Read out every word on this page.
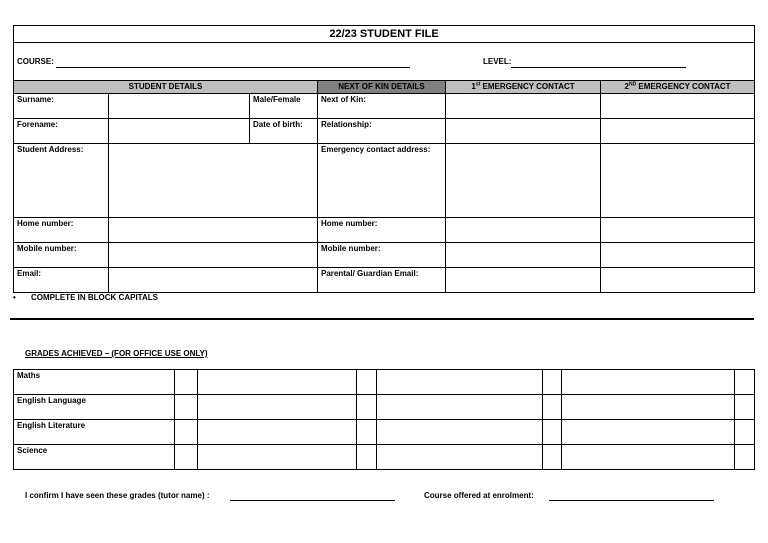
22/23 STUDENT FILE					

COURSE: LEVEL:					

STUDENT DETAILS			NEXT OF KIN DETAILS	1st EMERGENCY CONTACT	2ND EMERGENCY CONTACT
Surname:		Male/Female	Next of Kin:		
Forename:		Date of birth:	Relationship:		
Student Address:			Emergency contact address:		
Home number:			Home number:		
Mobile number:			Mobile number:		
Email:			Parental/ Guardian Email:		
• COMPLETE IN BLOCK CAPITALS
GRADES ACHIEVED – (FOR OFFICE USE ONLY)
Maths							
English Language							
English Literature							
Science							
I confirm I have seen these grades (tutor name) :	Course offered at enrolment:
